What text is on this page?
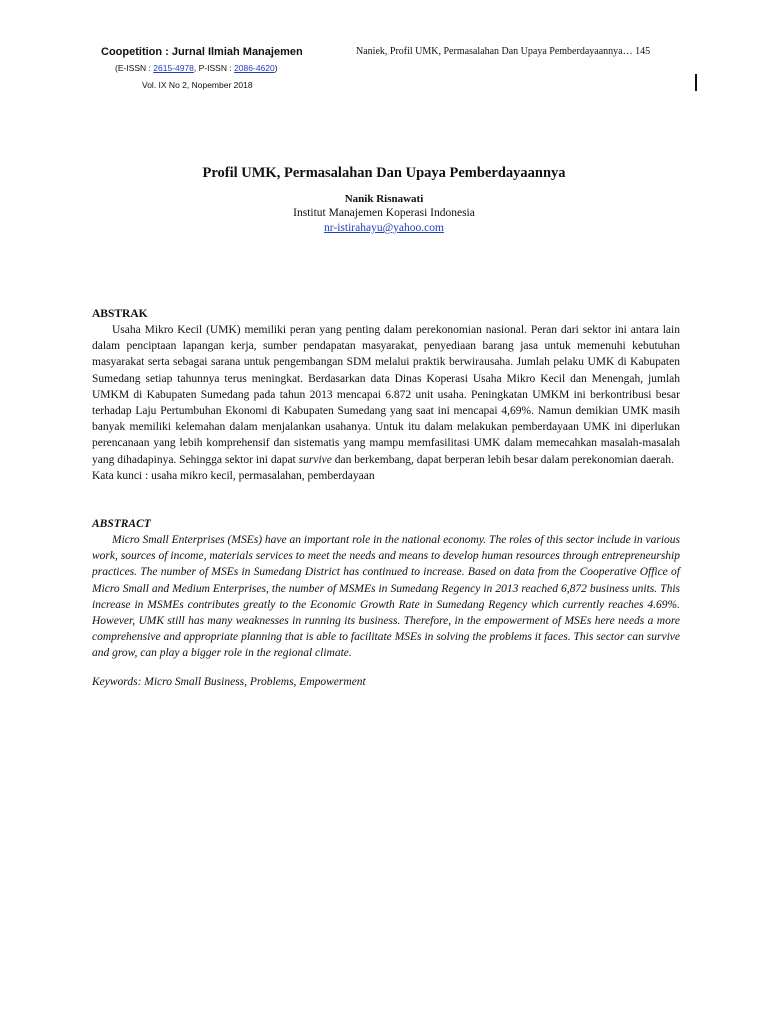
Coopetition : Jurnal Ilmiah Manajemen
(E-ISSN : 2615-4978, P-ISSN : 2086-4620)
Vol. IX No 2, Nopember 2018
Naniek, Profil UMK, Permasalahan Dan Upaya Pemberdayaannya… 145
Profil UMK, Permasalahan Dan Upaya Pemberdayaannya
Nanik Risnawati
Institut Manajemen Koperasi Indonesia
nr-istirahayu@yahoo.com
ABSTRAK
Usaha Mikro Kecil (UMK) memiliki peran yang penting dalam perekonomian nasional. Peran dari sektor ini antara lain dalam penciptaan lapangan kerja, sumber pendapatan masyarakat, penyediaan barang jasa untuk memenuhi kebutuhan masyarakat serta sebagai sarana untuk pengembangan SDM melalui praktik berwirausaha. Jumlah pelaku UMK di Kabupaten Sumedang setiap tahunnya terus meningkat. Berdasarkan data Dinas Koperasi Usaha Mikro Kecil dan Menengah, jumlah UMKM di Kabupaten Sumedang pada tahun 2013 mencapai 6.872 unit usaha. Peningkatan UMKM ini berkontribusi besar terhadap Laju Pertumbuhan Ekonomi di Kabupaten Sumedang yang saat ini mencapai 4,69%. Namun demikian UMK masih banyak memiliki kelemahan dalam menjalankan usahanya. Untuk itu dalam melakukan pemberdayaan UMK ini diperlukan perencanaan yang lebih komprehensif dan sistematis yang mampu memfasilitasi UMK dalam memecahkan masalah-masalah yang dihadapinya. Sehingga sektor ini dapat survive dan berkembang, dapat berperan lebih besar dalam perekonomian daerah.
Kata kunci : usaha mikro kecil, permasalahan, pemberdayaan
ABSTRACT
Micro Small Enterprises (MSEs) have an important role in the national economy. The roles of this sector include in various work, sources of income, materials services to meet the needs and means to develop human resources through entrepreneurship practices. The number of MSEs in Sumedang District has continued to increase. Based on data from the Cooperative Office of Micro Small and Medium Enterprises, the number of MSMEs in Sumedang Regency in 2013 reached 6,872 business units. This increase in MSMEs contributes greatly to the Economic Growth Rate in Sumedang Regency which currently reaches 4.69%. However, UMK still has many weaknesses in running its business. Therefore, in the empowerment of MSEs here needs a more comprehensive and appropriate planning that is able to facilitate MSEs in solving the problems it faces. This sector can survive and grow, can play a bigger role in the regional climate.
Keywords: Micro Small Business, Problems, Empowerment
